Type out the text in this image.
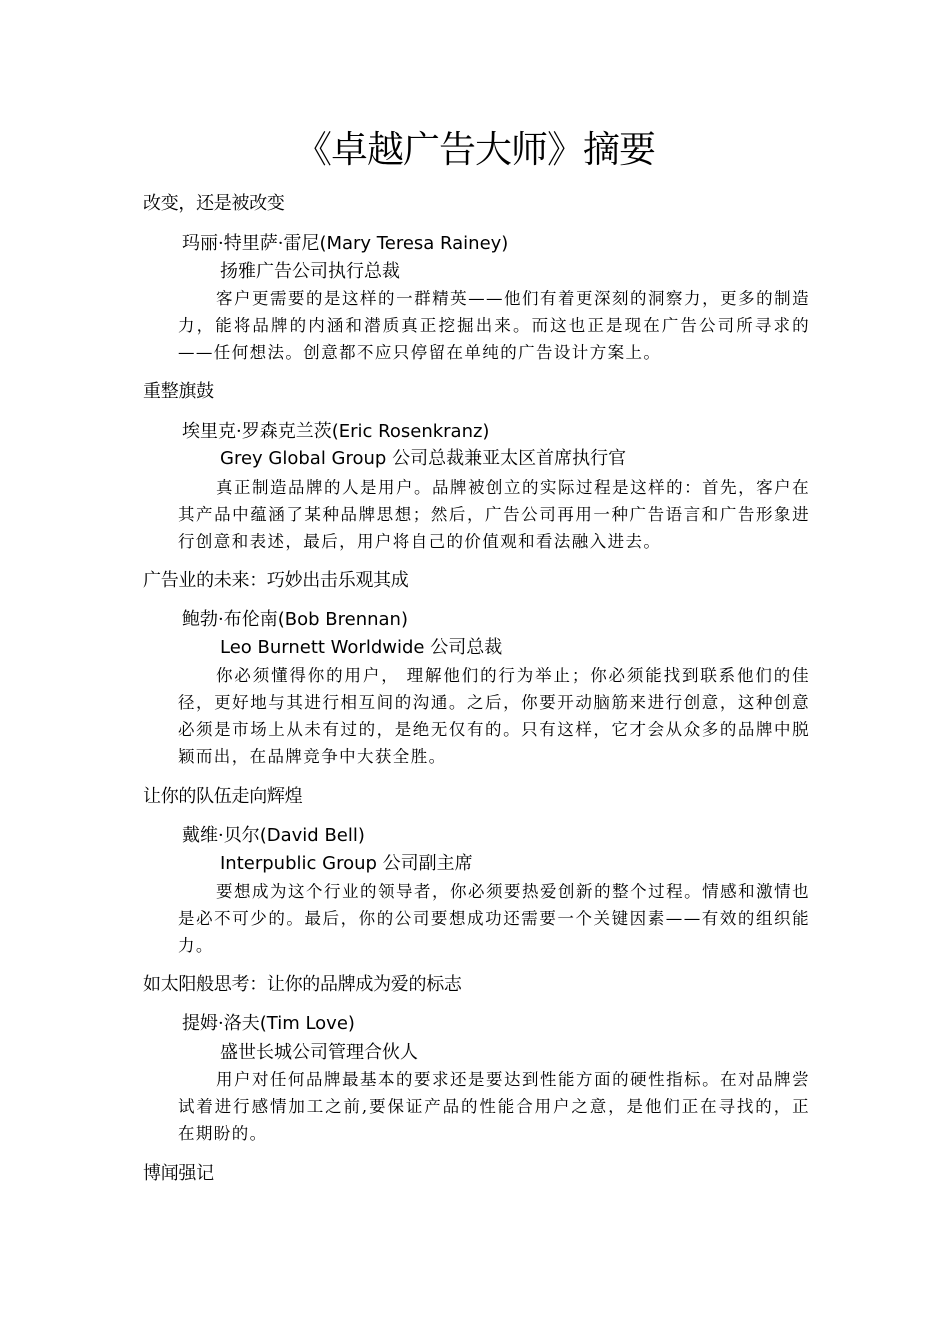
《卓越广告大师》摘要
改变，还是被改变
玛丽·特里萨·雷尼(Mary Teresa Rainey)
扬雅广告公司执行总裁
客户更需要的是这样的一群精英——他们有着更深刻的洞察力，更多的制造力，能将品牌的内涵和潜质真正挖掘出来。而这也正是现在广告公司所寻求的——任何想法。创意都不应只停留在单纯的广告设计方案上。
重整旗鼓
埃里克·罗森克兰茨(Eric Rosenkranz)
Grey Global Group 公司总裁兼亚太区首席执行官
真正制造品牌的人是用户。品牌被创立的实际过程是这样的：首先，客户在其产品中蕴涵了某种品牌思想；然后，广告公司再用一种广告语言和广告形象进行创意和表述，最后，用户将自己的价值观和看法融入进去。
广告业的未来：巧妙出击乐观其成
鲍勃·布伦南(Bob Brennan)
Leo Burnett Worldwide 公司总裁
你必须懂得你的用户， 理解他们的行为举止；你必须能找到联系他们的佳径，更好地与其进行相互间的沟通。之后，你要开动脑筋来进行创意，这种创意必须是市场上从未有过的，是绝无仅有的。只有这样，它才会从众多的品牌中脱颖而出，在品牌竞争中大获全胜。
让你的队伍走向辉煌
戴维·贝尔(David Bell)
Interpublic Group 公司副主席
要想成为这个行业的领导者，你必须要热爱创新的整个过程。情感和激情也是必不可少的。最后，你的公司要想成功还需要一个关键因素——有效的组织能力。
如太阳般思考：让你的品牌成为爱的标志
提姆·洛夫(Tim Love)
盛世长城公司管理合伙人
用户对任何品牌最基本的要求还是要达到性能方面的硬性指标。在对品牌尝试着进行感情加工之前,要保证产品的性能合用户之意，是他们正在寻找的，正在期盼的。
博闻强记
